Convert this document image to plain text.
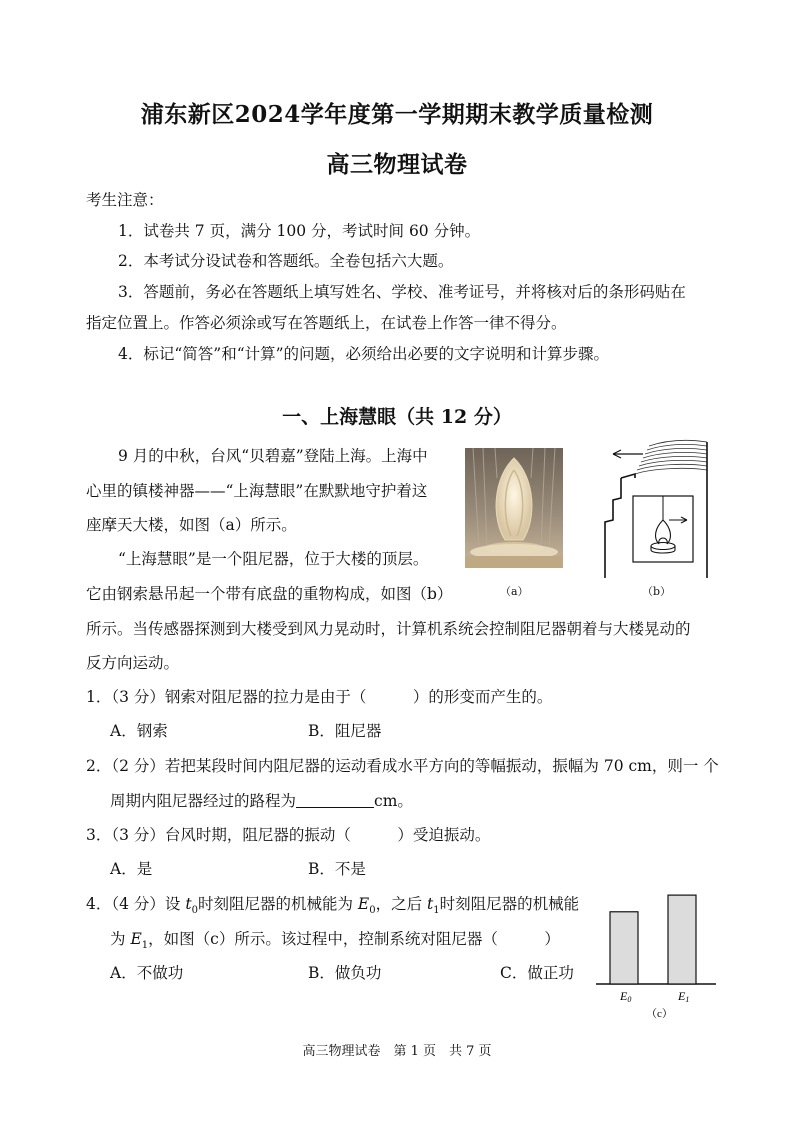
浦东新区2024学年度第一学期期末教学质量检测
高三物理试卷
考生注意：
1．试卷共 7 页，满分 100 分，考试时间 60 分钟。
2．本考试分设试卷和答题纸。全卷包括六大题。
3．答题前，务必在答题纸上填写姓名、学校、准考证号，并将核对后的条形码贴在
指定位置上。作答必须涂或写在答题纸上，在试卷上作答一律不得分。
4．标记“简答”和“计算”的问题，必须给出必要的文字说明和计算步骤。
一、上海慧眼（共 12 分）
9 月的中秋，台风“贝碧嘉”登陆上海。上海中
心里的镇楼神器——“上海慧眼”在默默地守护着这
座摩天大楼，如图（a）所示。
“上海慧眼”是一个阻尼器，位于大楼的顶层。
它由钢索悬吊起一个带有底盘的重物构成，如图（b）
所示。当传感器探测到大楼受到风力晃动时，计算机系统会控制阻尼器朝着与大楼晃动的
反方向运动。
（a）	（b）
1．（3 分）钢索对阻尼器的拉力是由于（　　　）的形变而产生的。
A．钢索	B．阻尼器
2．（2 分）若把某段时间内阻尼器的运动看成水平方向的等幅振动，振幅为 70 cm，则一 个
周期内阻尼器经过的路程为	cm。
3．（3 分）台风时期，阻尼器的振动（　　　）受迫振动。
A．是	B．不是
4．（4 分）设 $t_0$时刻阻尼器的机械能为 $E_0$，之后 $t_1$时刻阻尼器的机械能
为 $E_1$，如图（c）所示。该过程中，控制系统对阻尼器（　　　）
A．不做功	B．做负功	C．做正功
E0	E1
（c）
高三物理试卷　第 1 页　共 7 页
